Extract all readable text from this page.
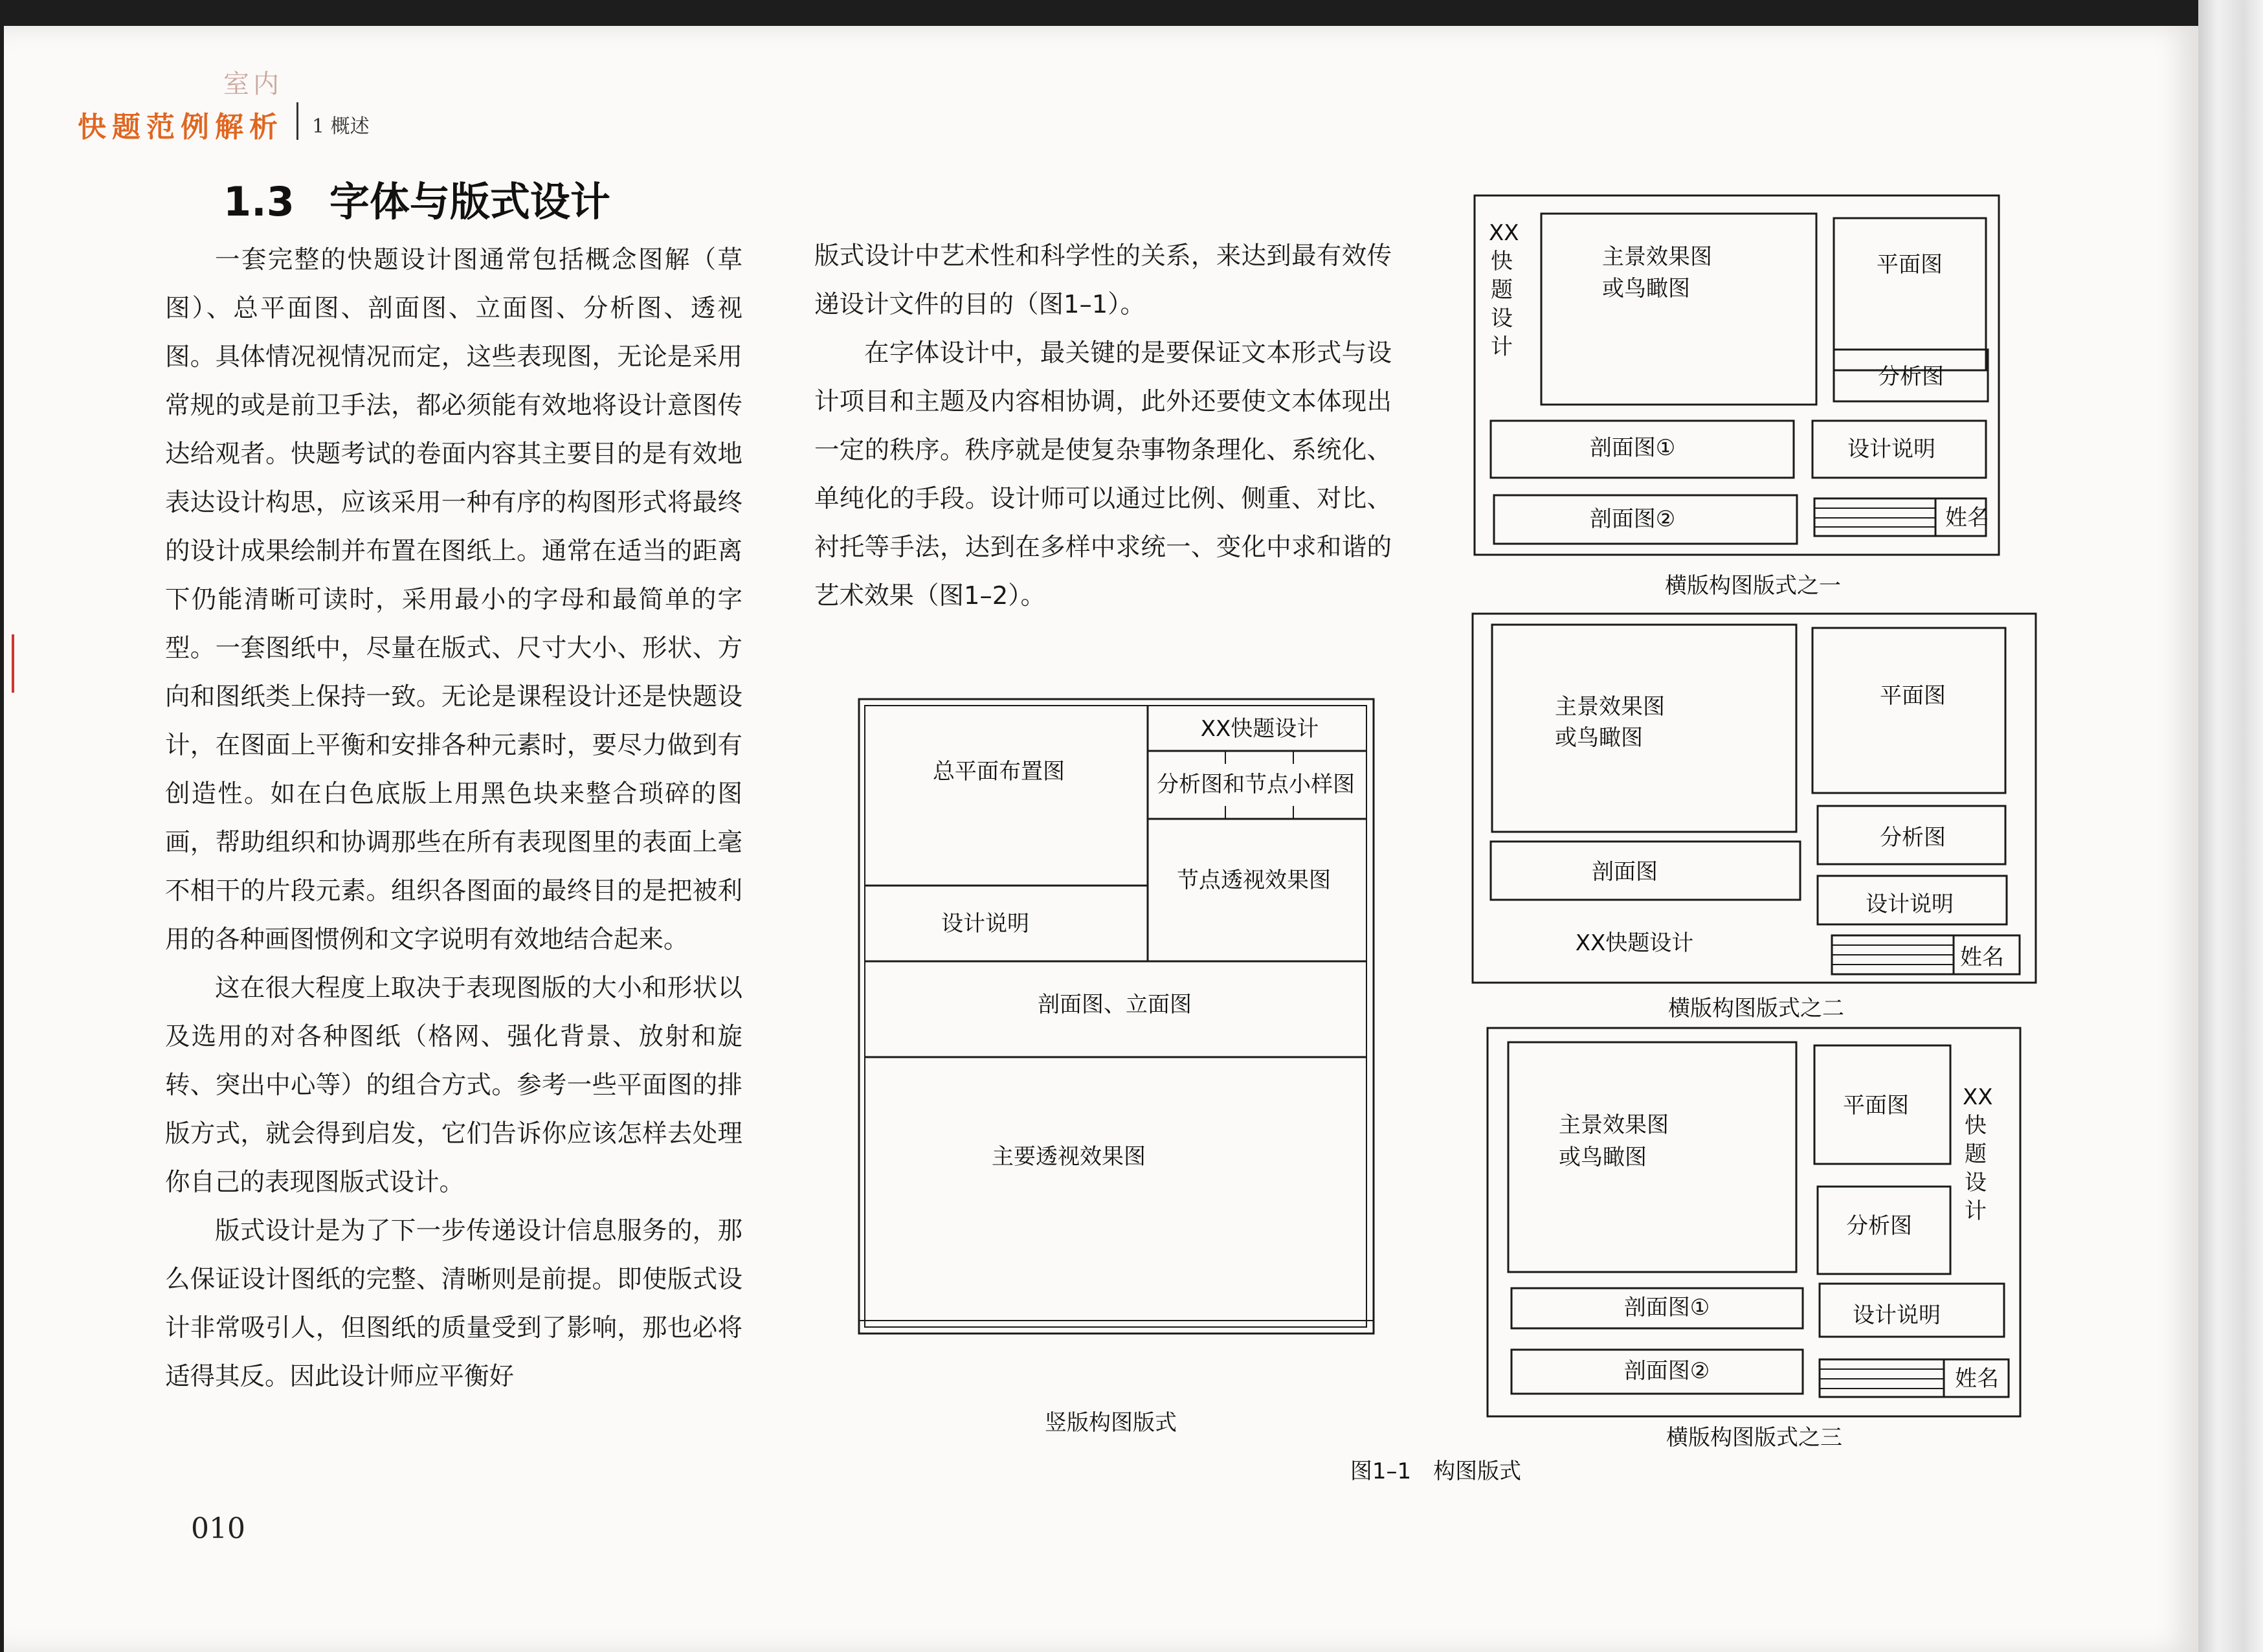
室内
快题范例解析 1 概述
1.3 字体与版式设计

一套完整的快题设计图通常包括概念图解（草图）、总平面图、剖面图、立面图、分析图、透视图。具体情况视情况而定，这些表现图，无论是采用常规的或是前卫手法，都必须能有效地将设计意图传达给观者。快题考试的卷面内容其主要目的是有效地表达设计构思，应该采用一种有序的构图形式将最终的设计成果绘制并布置在图纸上。通常在适当的距离下仍能清晰可读时，采用最小的字母和最简单的字型。一套图纸中，尽量在版式、尺寸大小、形状、方向和图纸类上保持一致。无论是课程设计还是快题设计，在图面上平衡和安排各种元素时，要尽力做到有创造性。如在白色底版上用黑色块来整合琐碎的图画，帮助组织和协调那些在所有表现图里的表面上毫不相干的片段元素。组织各图面的最终目的是把被利用的各种画图惯例和文字说明有效地结合起来。

这在很大程度上取决于表现图版的大小和形状以及选用的对各种图纸（格网、强化背景、放射和旋转、突出中心等）的组合方式。参考一些平面图的排版方式，就会得到启发，它们告诉你应该怎样去处理你自己的表现图版式设计。

版式设计是为了下一步传递设计信息服务的，那么保证设计图纸的完整、清晰则是前提。即使版式设计非常吸引人，但图纸的质量受到了影响，那也必将适得其反。因此设计师应平衡好

版式设计中艺术性和科学性的关系，来达到最有效传递设计文件的目的（图1–1）。

在字体设计中，最关键的是要保证文本形式与设计项目和主题及内容相协调，此外还要使文本体现出一定的秩序。秩序就是使复杂事物条理化、系统化、单纯化的手段。设计师可以通过比例、侧重、对比、衬托等手法，达到在多样中求统一、变化中求和谐的艺术效果（图1–2）。

010
总平面布置图
XX快题设计
分析图和节点小样图
节点透视效果图
设计说明
剖面图、立面图
主要透视效果图
竖版构图版式
XX快题设计
主景效果图
或鸟瞰图
平面图
分析图
剖面图①	设计说明
剖面图②	姓名
横版构图版式之一
主景效果图
或鸟瞰图
平面图
分析图
剖面图
设计说明
XX快题设计
姓名
横版构图版式之二
XX快题设计
主景效果图
或鸟瞰图
平面图
分析图
剖面图①	设计说明
剖面图②	姓名
横版构图版式之三
图1–1　构图版式
